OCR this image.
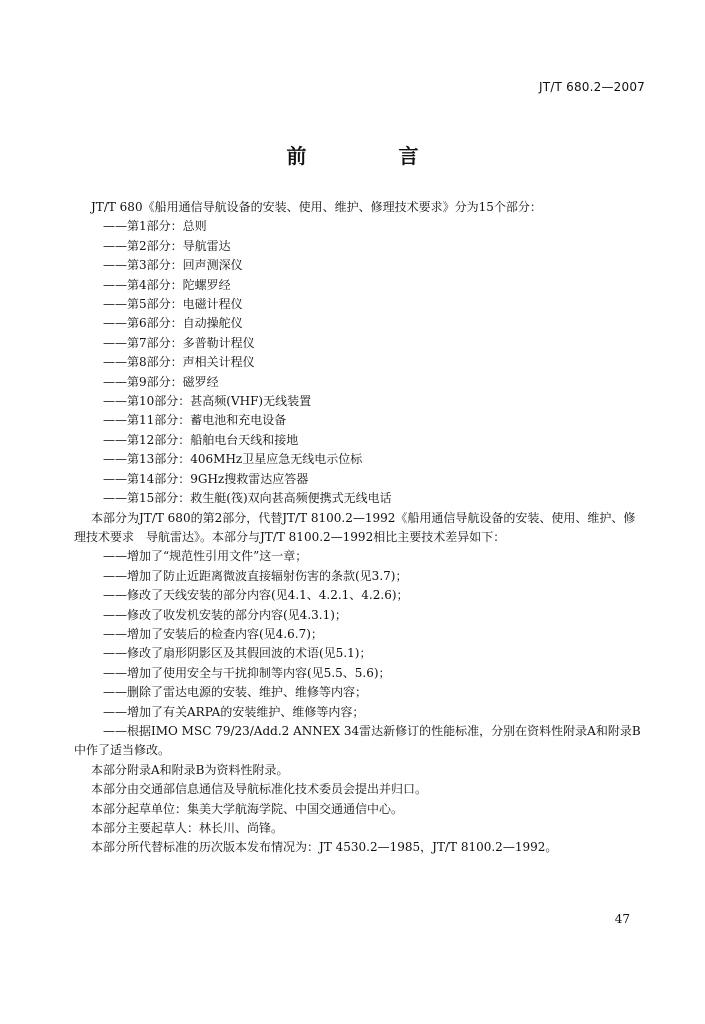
JT/T 680.2—2007
前　言

JT/T 680《船用通信导航设备的安装、使用、维护、修理技术要求》分为15个部分：

——第1部分：总则

——第2部分：导航雷达

——第3部分：回声测深仪

——第4部分：陀螺罗经

——第5部分：电磁计程仪

——第6部分：自动操舵仪

——第7部分：多普勒计程仪

——第8部分：声相关计程仪

——第9部分：磁罗经

——第10部分：甚高频(VHF)无线装置

——第11部分：蓄电池和充电设备

——第12部分：船舶电台天线和接地

——第13部分：406MHz卫星应急无线电示位标

——第14部分：9GHz搜救雷达应答器

——第15部分：救生艇(筏)双向甚高频便携式无线电话

本部分为JT/T 680的第2部分，代替JT/T 8100.2—1992《船用通信导航设备的安装、使用、维护、修理技术要求　导航雷达》。本部分与JT/T 8100.2—1992相比主要技术差异如下：

——增加了“规范性引用文件”这一章；

——增加了防止近距离微波直接辐射伤害的条款(见3.7)；

——修改了天线安装的部分内容(见4.1、4.2.1、4.2.6)；

——修改了收发机安装的部分内容(见4.3.1)；

——增加了安装后的检查内容(见4.6.7)；

——修改了扇形阴影区及其假回波的术语(见5.1)；

——增加了使用安全与干扰抑制等内容(见5.5、5.6)；

——删除了雷达电源的安装、维护、维修等内容；

——增加了有关ARPA的安装维护、维修等内容；

——根据IMO MSC 79/23/Add.2 ANNEX 34雷达新修订的性能标准，分别在资料性附录A和附录B中作了适当修改。

本部分附录A和附录B为资料性附录。

本部分由交通部信息通信及导航标准化技术委员会提出并归口。

本部分起草单位：集美大学航海学院、中国交通通信中心。

本部分主要起草人：林长川、尚锋。

本部分所代替标准的历次版本发布情况为：JT 4530.2—1985，JT/T 8100.2—1992。

47
